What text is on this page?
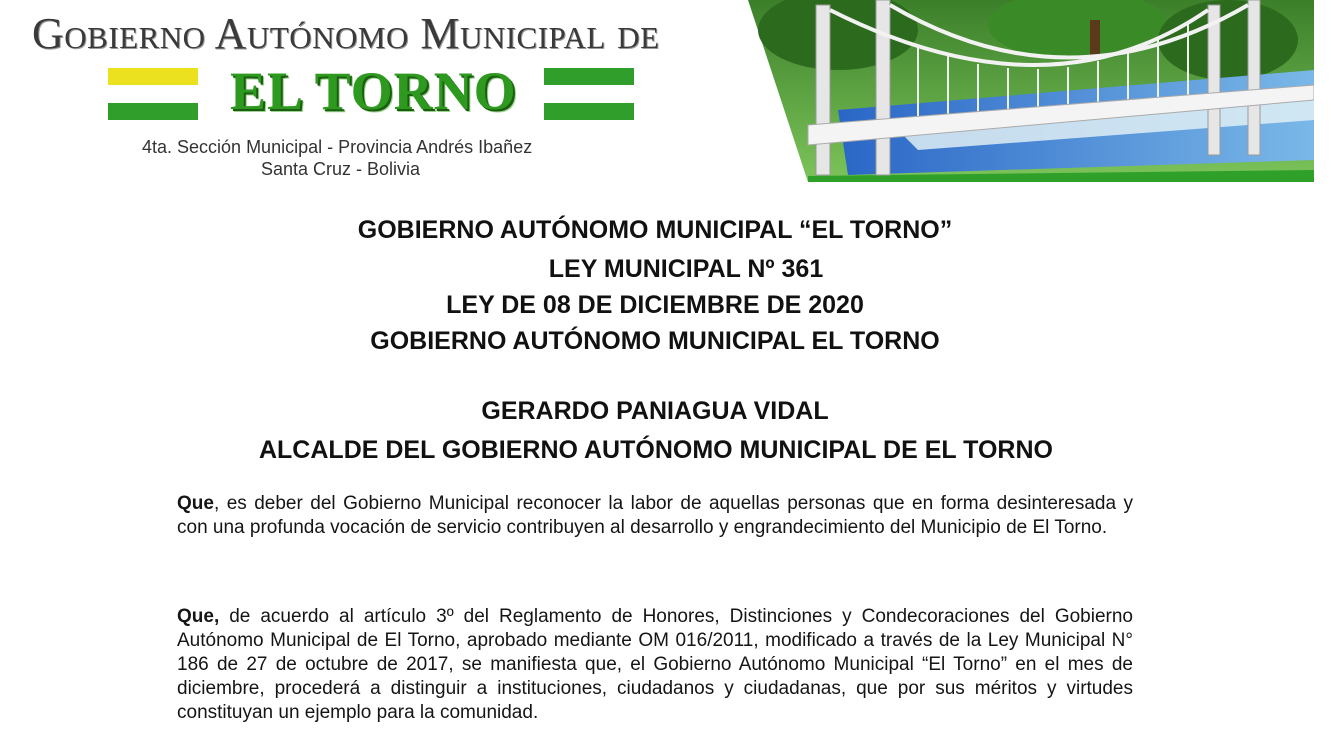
Gobierno Autónomo Municipal de
EL TORNO
4ta. Sección Municipal - Provincia Andrés Ibañez
Santa Cruz - Bolivia
GOBIERNO AUTÓNOMO MUNICIPAL “EL TORNO”
LEY MUNICIPAL Nº 361
LEY DE 08 DE DICIEMBRE DE 2020
GOBIERNO AUTÓNOMO MUNICIPAL EL TORNO
GERARDO PANIAGUA VIDAL
ALCALDE DEL GOBIERNO AUTÓNOMO MUNICIPAL DE EL TORNO
Que, es deber del Gobierno Municipal reconocer la labor de aquellas personas que en forma desinteresada y con una profunda vocación de servicio contribuyen al desarrollo y engrandecimiento del Municipio de El Torno.
Que, de acuerdo al artículo 3º del Reglamento de Honores, Distinciones y Condecoraciones del Gobierno Autónomo Municipal de El Torno, aprobado mediante OM 016/2011, modificado a través de la Ley Municipal N° 186 de 27 de octubre de 2017, se manifiesta que, el Gobierno Autónomo Municipal “El Torno” en el mes de diciembre, procederá a distinguir a instituciones, ciudadanos y ciudadanas, que por sus méritos y virtudes constituyan un ejemplo para la comunidad.
